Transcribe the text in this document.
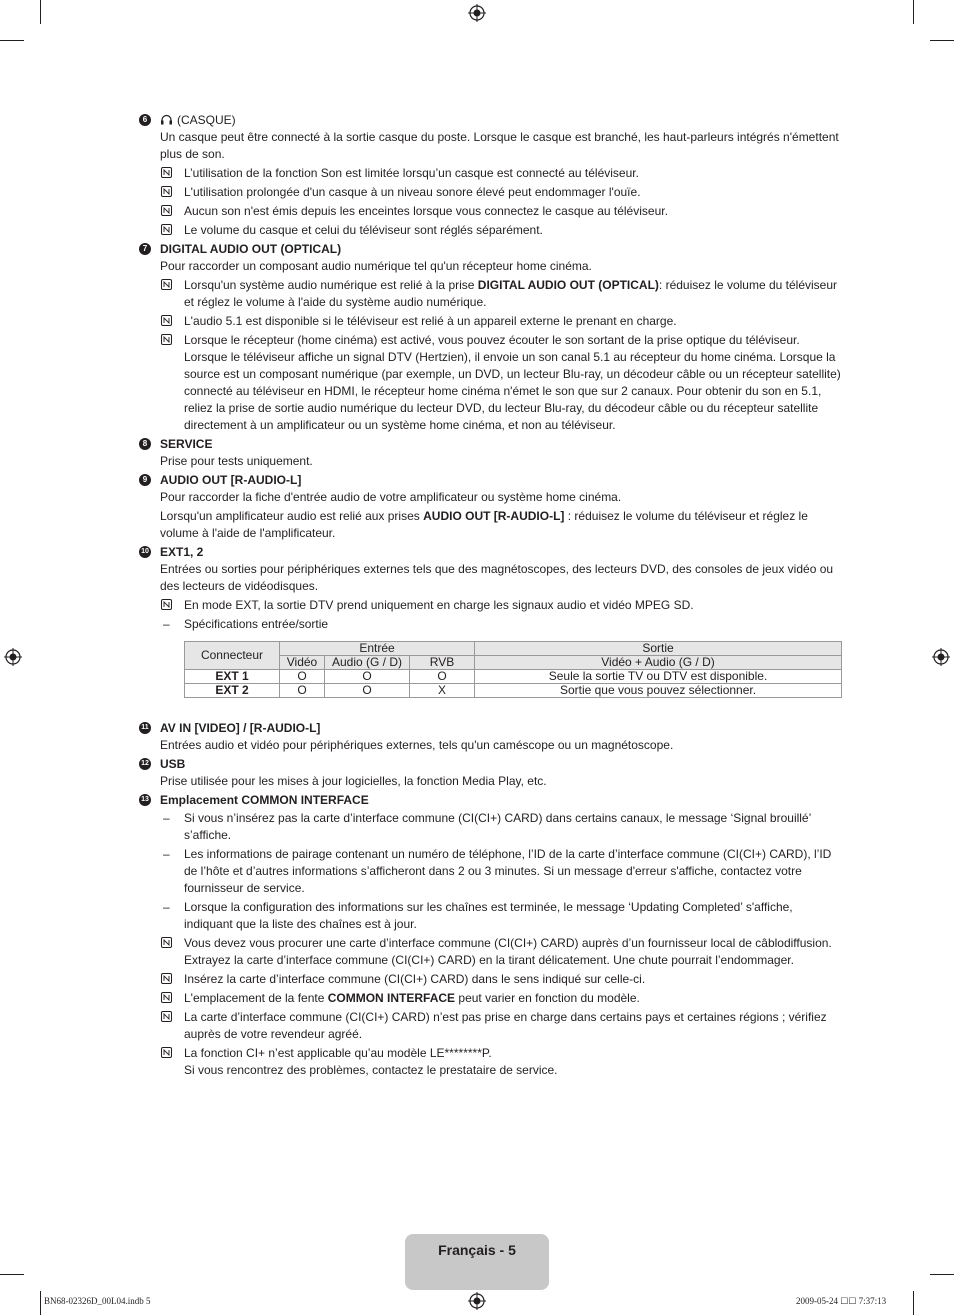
6	(CASQUE)
Un casque peut être connecté à la sortie casque du poste. Lorsque le casque est branché, les haut-parleurs intégrés n'émettent plus de son.
L’utilisation de la fonction Son est limitée lorsqu’un casque est connecté au téléviseur.
L'utilisation prolongée d'un casque à un niveau sonore élevé peut endommager l'ouïe.
Aucun son n'est émis depuis les enceintes lorsque vous connectez le casque au téléviseur.
Le volume du casque et celui du téléviseur sont réglés séparément.
7	DIGITAL AUDIO OUT (OPTICAL)
Pour raccorder un composant audio numérique tel qu'un récepteur home cinéma.
Lorsqu'un système audio numérique est relié à la prise DIGITAL AUDIO OUT (OPTICAL): réduisez le volume du téléviseur et réglez le volume à l'aide du système audio numérique.
L'audio 5.1 est disponible si le téléviseur est relié à un appareil externe le prenant en charge.
Lorsque le récepteur (home cinéma) est activé, vous pouvez écouter le son sortant de la prise optique du téléviseur. Lorsque le téléviseur affiche un signal DTV (Hertzien), il envoie un son canal 5.1 au récepteur du home cinéma. Lorsque la source est un composant numérique (par exemple, un DVD, un lecteur Blu-ray, un décodeur câble ou un récepteur satellite) connecté au téléviseur en HDMI, le récepteur home cinéma n'émet le son que sur 2 canaux. Pour obtenir du son en 5.1, reliez la prise de sortie audio numérique du lecteur DVD, du lecteur Blu-ray, du décodeur câble ou du récepteur satellite directement à un amplificateur ou un système home cinéma, et non au téléviseur.
8	SERVICE
Prise pour tests uniquement.
9	AUDIO OUT [R-AUDIO-L]
Pour raccorder la fiche d'entrée audio de votre amplificateur ou système home cinéma.
Lorsqu'un amplificateur audio est relié aux prises AUDIO OUT [R-AUDIO-L] : réduisez le volume du téléviseur et réglez le volume à l'aide de l'amplificateur.
10 EXT1, 2
Entrées ou sorties pour périphériques externes tels que des magnétoscopes, des lecteurs DVD, des consoles de jeux vidéo ou des lecteurs de vidéodisques.
En mode EXT, la sortie DTV prend uniquement en charge les signaux audio et vidéo MPEG SD.
– Spécifications entrée/sortie
Connecteur	Entrée			Sortie
	Vidéo	Audio (G / D)	RVB	Vidéo + Audio (G / D)
EXT 1	O	O	O	Seule la sortie TV ou DTV est disponible.
EXT 2	O	O	X	Sortie que vous pouvez sélectionner.
11 AV IN [VIDEO] / [R-AUDIO-L]
Entrées audio et vidéo pour périphériques externes, tels qu'un caméscope ou un magnétoscope.
12 USB
Prise utilisée pour les mises à jour logicielles, la fonction Media Play, etc.
13 Emplacement COMMON INTERFACE
– Si vous n’insérez pas la carte d’interface commune (CI(CI+) CARD) dans certains canaux, le message ‘Signal brouillé’ s’affiche.
– Les informations de pairage contenant un numéro de téléphone, l’ID de la carte d’interface commune (CI(CI+) CARD), l’ID de l’hôte et d’autres informations s’afficheront dans 2 ou 3 minutes. Si un message d'erreur s'affiche, contactez votre fournisseur de service.
– Lorsque la configuration des informations sur les chaînes est terminée, le message ‘Updating Completed’ s'affiche, indiquant que la liste des chaînes est à jour.
Vous devez vous procurer une carte d’interface commune (CI(CI+) CARD) auprès d’un fournisseur local de câblodiffusion. Extrayez la carte d’interface commune (CI(CI+) CARD) en la tirant délicatement. Une chute pourrait l’endommager.
Insérez la carte d’interface commune (CI(CI+) CARD) dans le sens indiqué sur celle-ci.
L'emplacement de la fente COMMON INTERFACE peut varier en fonction du modèle.
La carte d’interface commune (CI(CI+) CARD) n’est pas prise en charge dans certains pays et certaines régions ; vérifiez auprès de votre revendeur agréé.
La fonction CI+ n’est applicable qu’au modèle LE********P.
Si vous rencontrez des problèmes, contactez le prestataire de service.
Français - 5
BN68-02326D_00L04.indb 5	2009-05-24 ☐☐ 7:37:13
